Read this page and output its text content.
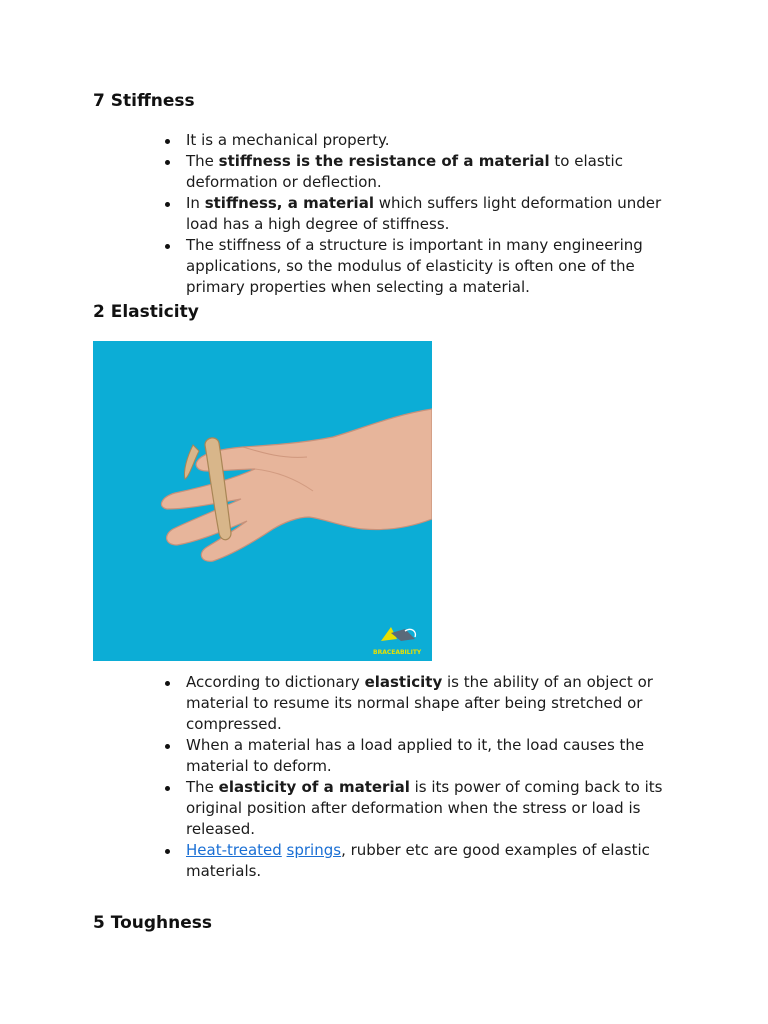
7 Stiffness
It is a mechanical property.
The stiffness is the resistance of a material to elastic deformation or deflection.
In stiffness, a material which suffers light deformation under load has a high degree of stiffness.
The stiffness of a structure is important in many engineering applications, so the modulus of elasticity is often one of the primary properties when selecting a material.
2 Elasticity
BRACEABILITY
According to dictionary elasticity is the ability of an object or material to resume its normal shape after being stretched or compressed.
When a material has a load applied to it, the load causes the material to deform.
The elasticity of a material is its power of coming back to its original position after deformation when the stress or load is released.
Heat-treated springs, rubber etc are good examples of elastic materials.
5 Toughness
